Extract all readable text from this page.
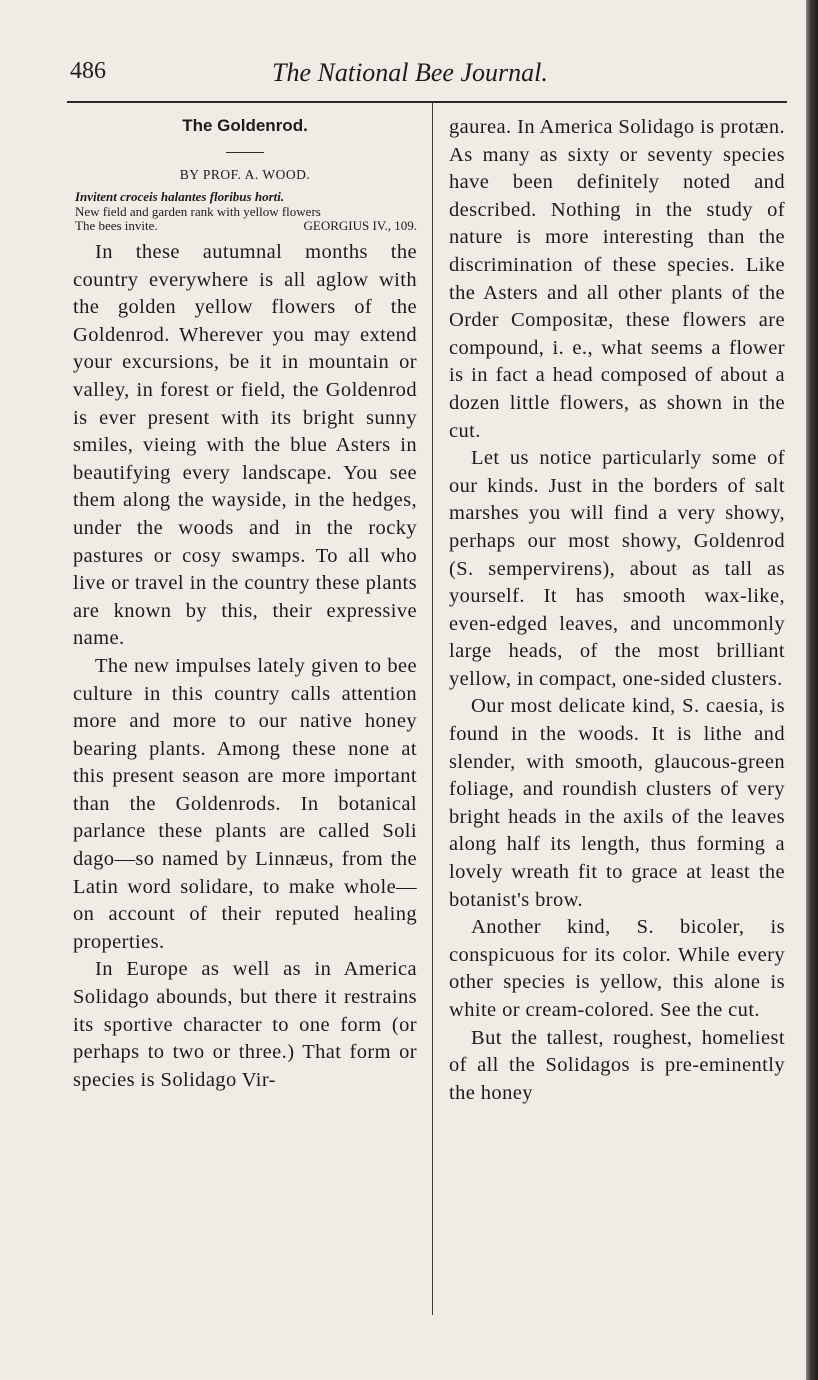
486	The National Bee Journal.
The Goldenrod.
BY PROF. A. WOOD.
Invitent croceis halantes floribus horti.
New field and garden rank with yellow flowers
The bees invite.	GEORGIUS IV., 109.

In these autumnal months the country everywhere is all aglow with the golden yellow flowers of the Goldenrod. Wherever you may extend your excursions, be it in mountain or valley, in forest or field, the Goldenrod is ever present with its bright sunny smiles, vieing with the blue Asters in beautifying every landscape. You see them along the wayside, in the hedges, under the woods and in the rocky pastures or cosy swamps. To all who live or travel in the country these plants are known by this, their expressive name.

The new impulses lately given to bee culture in this country calls attention more and more to our native honey bearing plants. Among these none at this present season are more important than the Goldenrods. In botanical parlance these plants are called Soli dago—so named by Linnæus, from the Latin word solidare, to make whole—on account of their reputed healing properties.

In Europe as well as in America Solidago abounds, but there it restrains its sportive character to one form (or perhaps to two or three.) That form or species is Solidago Vir-

gaurea. In America Solidago is protæn. As many as sixty or seventy species have been definitely noted and described. Nothing in the study of nature is more interesting than the discrimination of these species. Like the Asters and all other plants of the Order Compositæ, these flowers are compound, i. e., what seems a flower is in fact a head composed of about a dozen little flowers, as shown in the cut.

Let us notice particularly some of our kinds. Just in the borders of salt marshes you will find a very showy, perhaps our most showy, Goldenrod (S. sempervirens), about as tall as yourself. It has smooth wax-like, even-edged leaves, and uncommonly large heads, of the most brilliant yellow, in compact, one-sided clusters.

Our most delicate kind, S. caesia, is found in the woods. It is lithe and slender, with smooth, glaucous-green foliage, and roundish clusters of very bright heads in the axils of the leaves along half its length, thus forming a lovely wreath fit to grace at least the botanist's brow.

Another kind, S. bicoler, is conspicuous for its color. While every other species is yellow, this alone is white or cream-colored. See the cut.

But the tallest, roughest, homeliest of all the Solidagos is pre-eminently the honey
